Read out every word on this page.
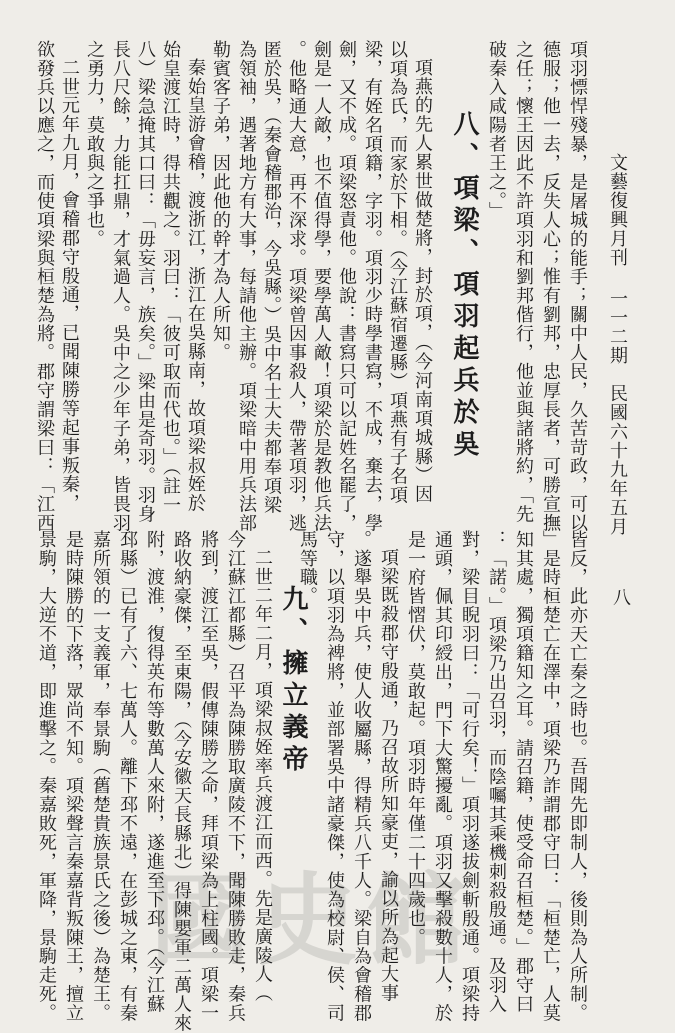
文藝復興月刊 一一二期　民國六十九年五月
八
項羽慓悍殘暴，是屠城的能手；關中人民，久苦苛政，可以
德服；他一去，反失人心；惟有劉邦，忠厚長者，可勝宣撫
之任；懷王因此不許項羽和劉邦偕行，他並與諸將約，「先
破秦入咸陽者王之。」
八、項梁、項羽起兵於吳
項燕的先人累世做楚將，封於項，（今河南項城縣）因
以項為氏，而家於下相。（今江蘇宿遷縣）項燕有子名項
梁，有姪名項籍，字羽。項羽少時學書寫，不成，棄去，學
劍，又不成。項梁怒責他。他說：書寫只可以記姓名罷了，
劍是一人敵，也不值得學，要學萬人敵！項梁於是教他兵法
。他略通大意，再不深求。項梁曾因事殺人，帶著項羽，逃
匿於吳，（秦會稽郡治，今吳縣。）吳中名士大夫都奉項梁
為領袖，遇著地方有大事，每請他主辦。項梁暗中用兵法部
勒賓客子弟，因此他的幹才為人所知。
秦始皇游會稽，渡浙江，浙江在吳縣南，故項梁叔姪於
始皇渡江時，得共觀之。羽曰：「彼可取而代也。」（註一
八）梁急掩其口曰：「毋妄言，族矣。」梁由是奇羽。羽身
長八尺餘，力能扛鼎，才氣過人。吳中之少年子弟，皆畏羽
之勇力，莫敢與之爭也。
二世元年九月，會稽郡守殷通，已聞陳勝等起事叛秦，
欲發兵以應之，而使項梁與桓楚為將。郡守謂梁曰：「江西
皆反，此亦天亡秦之時也。吾聞先即制人，後則為人所制。
」是時桓楚亡在澤中，項梁乃詐謂郡守曰：「桓楚亡，人莫
知其處，獨項籍知之耳。請召籍，使受命召桓楚。」郡守曰
：「諾。」項梁乃出召羽，而陰囑其乘機刺殺殷通。及羽入
對，梁目睨羽曰：「可行矣！」項羽遂拔劍斬殷通。項梁持
通頭，佩其印綬出，門下大驚擾亂。項羽又擊殺數十人，於
是一府皆慴伏，莫敢起。項羽時年僅二十四歲也。
項梁既殺郡守殷通，乃召故所知豪吏，諭以所為起大事
。遂舉吳中兵，使人收屬縣，得精兵八千人。梁自為會稽郡
守，以項羽為裨將，並部署吳中諸豪傑，使為校尉、侯、司
馬等職。
九、擁立義帝
二世二年二月，項梁叔姪率兵渡江而西。先是廣陵人（
今江蘇江都縣）召平為陳勝取廣陵不下，聞陳勝敗走，秦兵
將到，渡江至吳，假傳陳勝之命，拜項梁為上柱國。項梁一
路收納豪傑，至東陽，（今安徽天長縣北）得陳嬰軍二萬人來
附，渡淮，復得英布等數萬人來附，遂進至下邳。（今江蘇
邳縣）已有了六、七萬人。離下邳不遠，在彭城之東，有秦
嘉所領的一支義軍，奉景駒（舊楚貴族景氏之後）為楚王。
是時陳勝的下落，眾尚不知。項梁聲言秦嘉背叛陳王，擅立
景駒，大逆不道，即進擊之。秦嘉敗死，軍降，景駒走死。 國史館
